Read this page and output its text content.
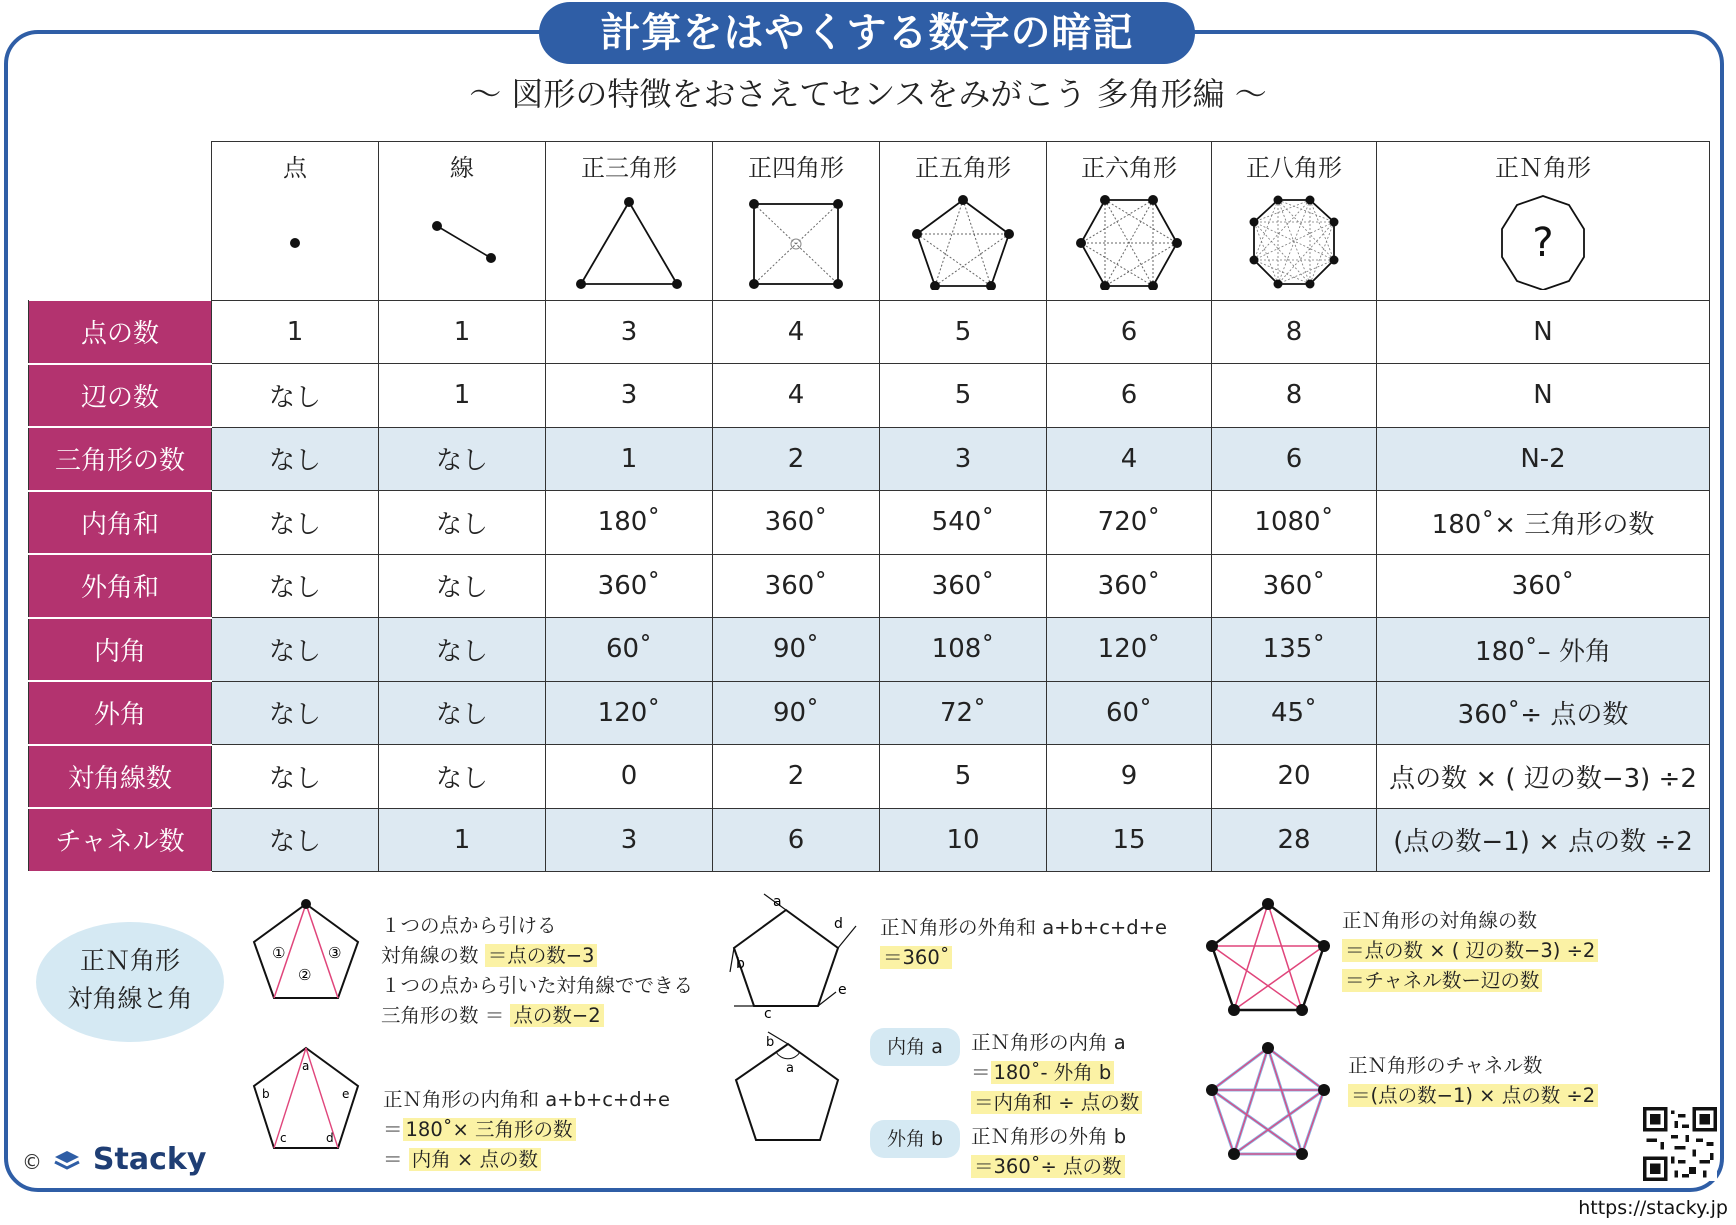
計算をはやくする数字の暗記
〜 図形の特徴をおさえてセンスをみがこう 多角形編 〜

	点	線	正三角形	正四角形	正五角形	正六角形	正八角形	正Ｎ角形
?

点の数	1	1	3	4	5	6	8	N
辺の数	なし	1	3	4	5	6	8	N
三角形の数	なし	なし	1	2	3	4	6	N-2
内角和	なし	なし	180˚	360˚	540˚	720˚	1080˚	180˚× 三角形の数
外角和	なし	なし	360˚	360˚	360˚	360˚	360˚	360˚
内角	なし	なし	60˚	90˚	108˚	120˚	135˚	180˚– 外角
外角	なし	なし	120˚	90˚	72˚	60˚	45˚	360˚÷ 点の数
対角線数	なし	なし	0	2	5	9	20	点の数 × ( 辺の数−3) ÷2
チャネル数	なし	1	3	6	10	15	28	(点の数−1) × 点の数 ÷2
正Ｎ角形
対角線と角
①
②
③
１つの点から引ける
対角線の数 ＝点の数−3
１つの点から引いた対角線でできる
三角形の数 ＝ 点の数−2
a
b
c	d
e 正Ｎ角形の内角和 a+b+c+d+e
＝ 180˚× 三角形の数
＝ 内角 × 点の数
a
b
c
d
e
正Ｎ角形の外角和 a+b+c+d+e
＝360˚
b
a
内角 a	正Ｎ角形の内角 a
＝ 180˚- 外角 b
＝内角和 ÷ 点の数
外角 b	正Ｎ角形の外角 b
＝360˚÷ 点の数
正Ｎ角形の対角線の数
＝点の数 × ( 辺の数−3) ÷2
＝チャネル数ー辺の数
正Ｎ角形のチャネル数
＝(点の数−1) × 点の数 ÷2
© Stacky
https://stacky.jp
